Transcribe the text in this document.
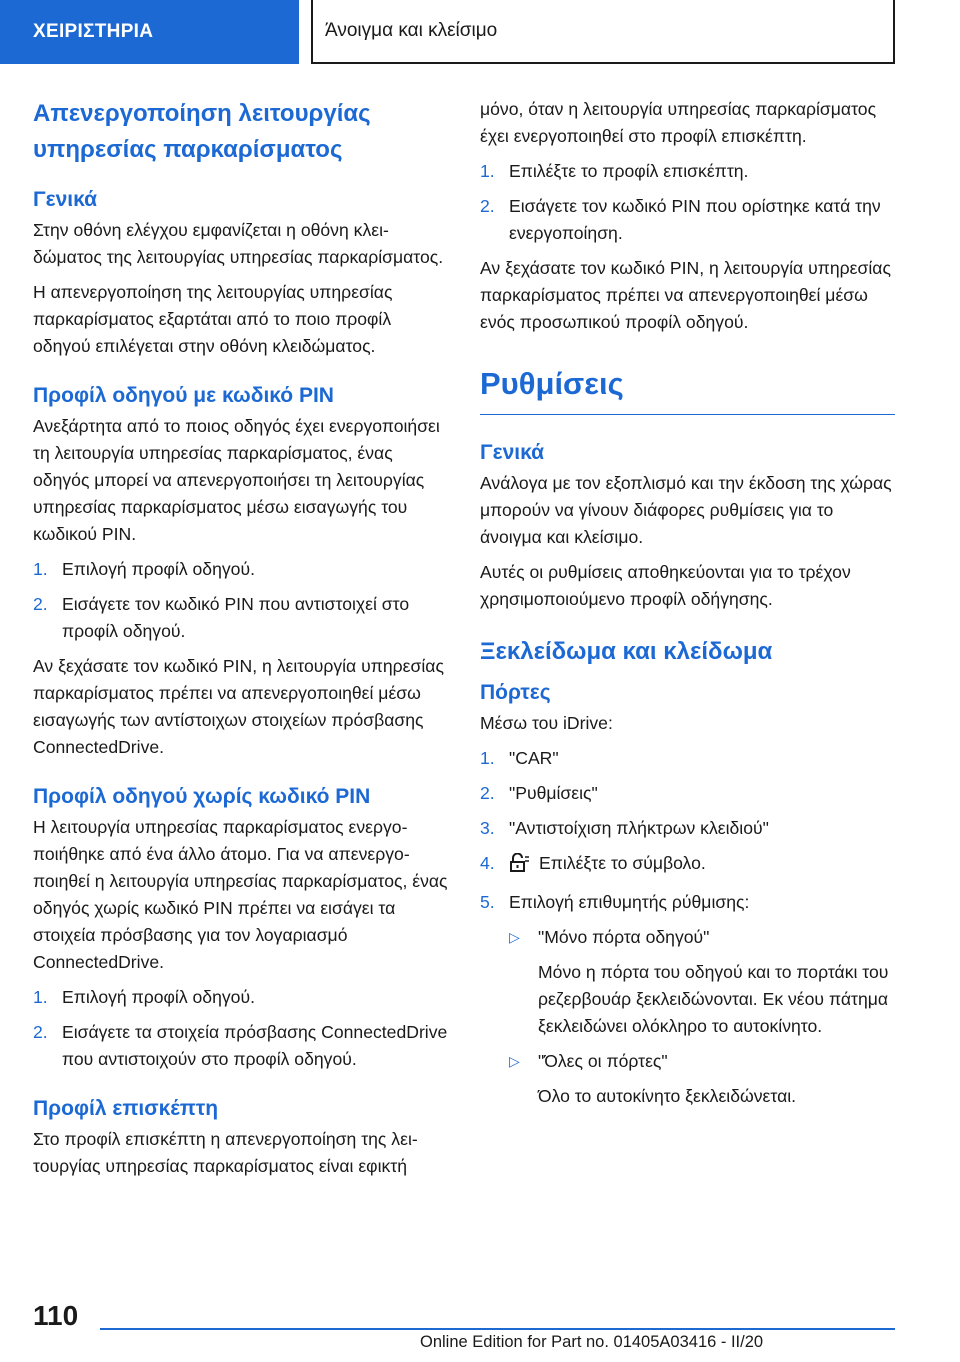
ΧΕΙΡΙΣΤΗΡΙΑ	Άνοιγμα και κλείσιμο
Απενεργοποίηση λειτουργίας υπηρεσίας παρκαρίσματος
Γενικά

Στην οθόνη ελέγχου εμφανίζεται η οθόνη κλειδώματος της λειτουργίας υπηρεσίας παρκαρίσματος.

Η απενεργοποίηση της λειτουργίας υπηρεσίας παρκαρίσματος εξαρτάται από το ποιο προφίλ οδηγού επιλέγεται στην οθόνη κλειδώματος.

Προφίλ οδηγού με κωδικό PIN

Ανεξάρτητα από το ποιος οδηγός έχει ενεργοποιήσει τη λειτουργία υπηρεσίας παρκαρίσματος, ένας οδηγός μπορεί να απενεργοποιήσει τη λειτουργίας υπηρεσίας παρκαρίσματος μέσω εισαγωγής του κωδικού PIN.

1. Επιλογή προφίλ οδηγού.
2. Εισάγετε τον κωδικό PIN που αντιστοιχεί στο προφίλ οδηγού.

Αν ξεχάσατε τον κωδικό PIN, η λειτουργία υπηρεσίας παρκαρίσματος πρέπει να απενεργοποιηθεί μέσω εισαγωγής των αντίστοιχων στοιχείων πρόσβασης ConnectedDrive.

Προφίλ οδηγού χωρίς κωδικό PIN

Η λειτουργία υπηρεσίας παρκαρίσματος ενεργοποιήθηκε από ένα άλλο άτομο. Για να απενεργοποιηθεί η λειτουργία υπηρεσίας παρκαρίσματος, ένας οδηγός χωρίς κωδικό PIN πρέπει να εισάγει τα στοιχεία πρόσβασης για τον λογαριασμό ConnectedDrive.

1. Επιλογή προφίλ οδηγού.
2. Εισάγετε τα στοιχεία πρόσβασης ConnectedDrive που αντιστοιχούν στο προφίλ οδηγού.
Προφίλ επισκέπτη

Στο προφίλ επισκέπτη η απενεργοποίηση της λειτουργίας υπηρεσίας παρκαρίσματος είναι εφικτή

μόνο, όταν η λειτουργία υπηρεσίας παρκαρίσματος έχει ενεργοποιηθεί στο προφίλ επισκέπτη.

1. Επιλέξτε το προφίλ επισκέπτη.
2. Εισάγετε τον κωδικό PIN που ορίστηκε κατά την ενεργοποίηση.

Αν ξεχάσατε τον κωδικό PIN, η λειτουργία υπηρεσίας παρκαρίσματος πρέπει να απενεργοποιηθεί μέσω ενός προσωπικού προφίλ οδηγού.

Ρυθμίσεις
Γενικά

Ανάλογα με τον εξοπλισμό και την έκδοση της χώρας μπορούν να γίνουν διάφορες ρυθμίσεις για το άνοιγμα και κλείσιμο.

Αυτές οι ρυθμίσεις αποθηκεύονται για το τρέχον χρησιμοποιούμενο προφίλ οδήγησης.

Ξεκλείδωμα και κλείδωμα
Πόρτες

Μέσω του iDrive:

1. "CAR"
2. "Ρυθμίσεις"
3. "Αντιστοίχιση πλήκτρων κλειδιού"
4.	Επιλέξτε το σύμβολο.
5. Επιλογή επιθυμητής ρύθμισης:
▷ "Μόνο πόρτα οδηγού"
Μόνο η πόρτα του οδηγού και το πορτάκι του ρεζερβουάρ ξεκλειδώνονται. Εκ νέου πάτημα ξεκλειδώνει ολόκληρο το αυτοκίνητο.
▷ "Όλες οι πόρτες"
Όλο το αυτοκίνητο ξεκλειδώνεται.
110
Online Edition for Part no. 01405A03416 - II/20
